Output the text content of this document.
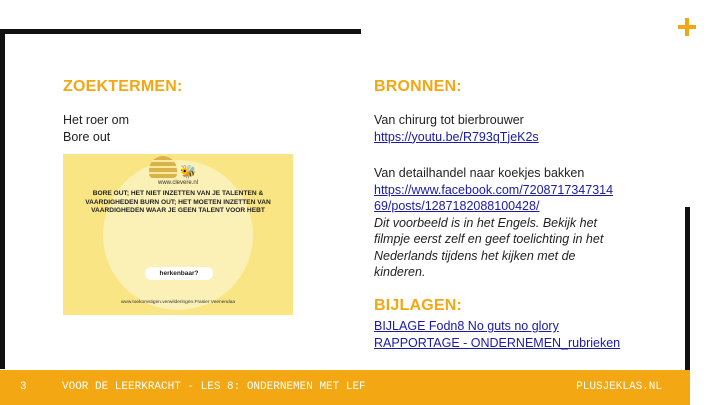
ZOEKTERMEN:
Het roer om
Bore out
🐝
www.clevere.nl
BORE OUT; HET NIET INZETTEN VAN JE TALENTEN & VAARDIGHEDEN BURN OUT; HET MOETEN INZETTEN VAN VAARDIGHEDEN WAAR JE GEEN TALENT VOOR HEBT
herkenbaar?
www.toekomstigen.verwilderingen.Frasier Veenendaa
BRONNEN:
Van chirurg tot bierbrouwer
https://youtu.be/R793qTjeK2s
Van detailhandel naar koekjes bakken
https://www.facebook.com/7208717347314
69/posts/1287182088100428/
Dit voorbeeld is in het Engels. Bekijk het
filmpje eerst zelf en geef toelichting in het
Nederlands tijdens het kijken met de
kinderen.
BIJLAGEN:
BIJLAGE Fodn8 No guts no glory
RAPPORTAGE - ONDERNEMEN_rubrieken
3	VOOR DE LEERKRACHT - LES 8: ONDERNEMEN MET LEF	PLUSJEKLAS.NL
